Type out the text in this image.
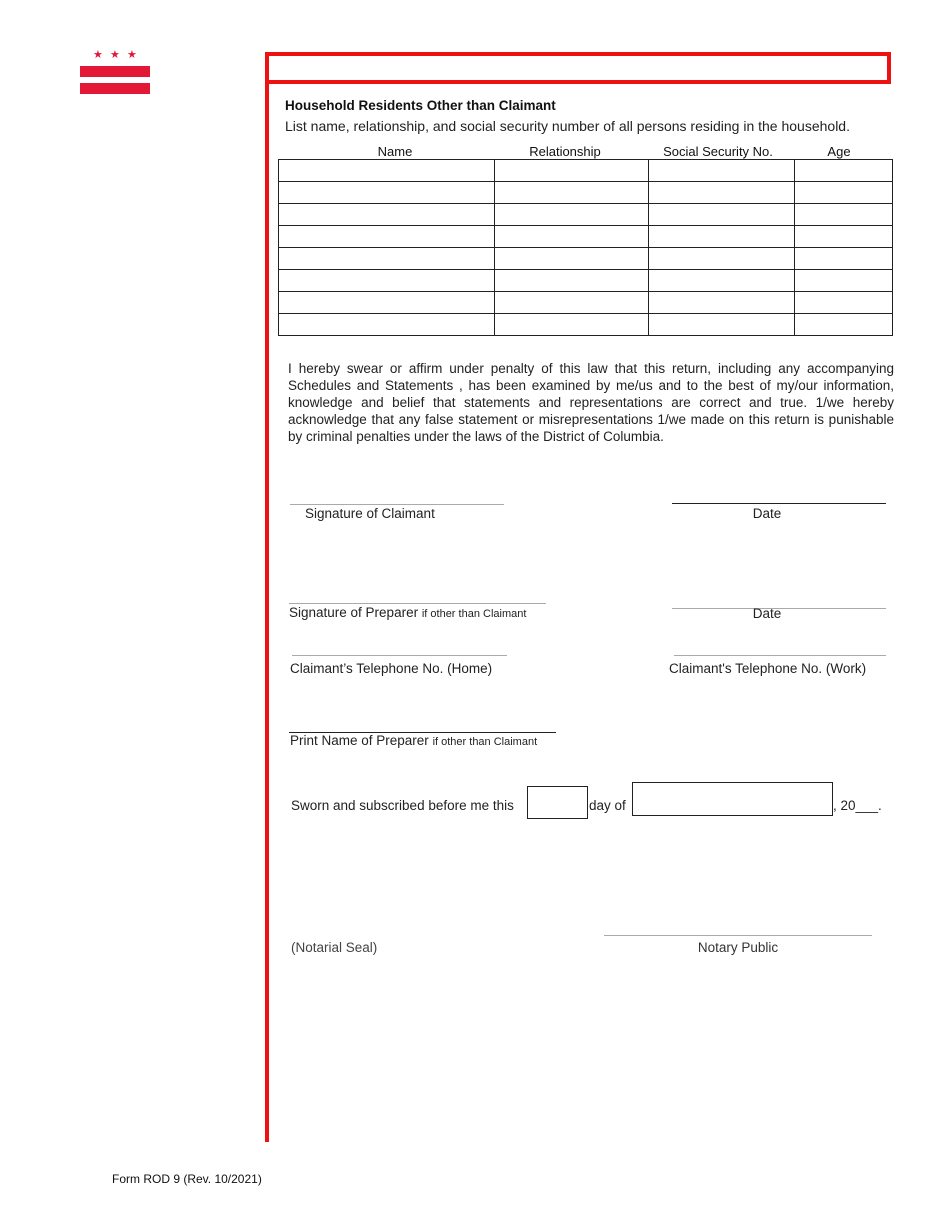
★ ★ ★
Household Residents Other than Claimant
List name, relationship, and social security number of all persons residing in the household.
Name	Relationship	Social Security No.	Age

I hereby swear or affirm under penalty of this law that this return, including any accompanying Schedules and Statements , has been examined by me/us and to the best of my/our information, knowledge and belief that statements and representations are correct and true. 1/we hereby acknowledge that any false statement or misrepresentations 1/we made on this return is punishable by criminal penalties under the laws of the District of Columbia.
Signature of Claimant	Date
Signature of Preparer if other than Claimant	Date
Claimant’s Telephone No. (Home)	Claimant's Telephone No. (Work)
Print Name of Preparer if other than Claimant
Sworn and subscribed before me this	day of	, 20___.
(Notarial Seal)	Notary Public
Form ROD 9 (Rev. 10/2021)
